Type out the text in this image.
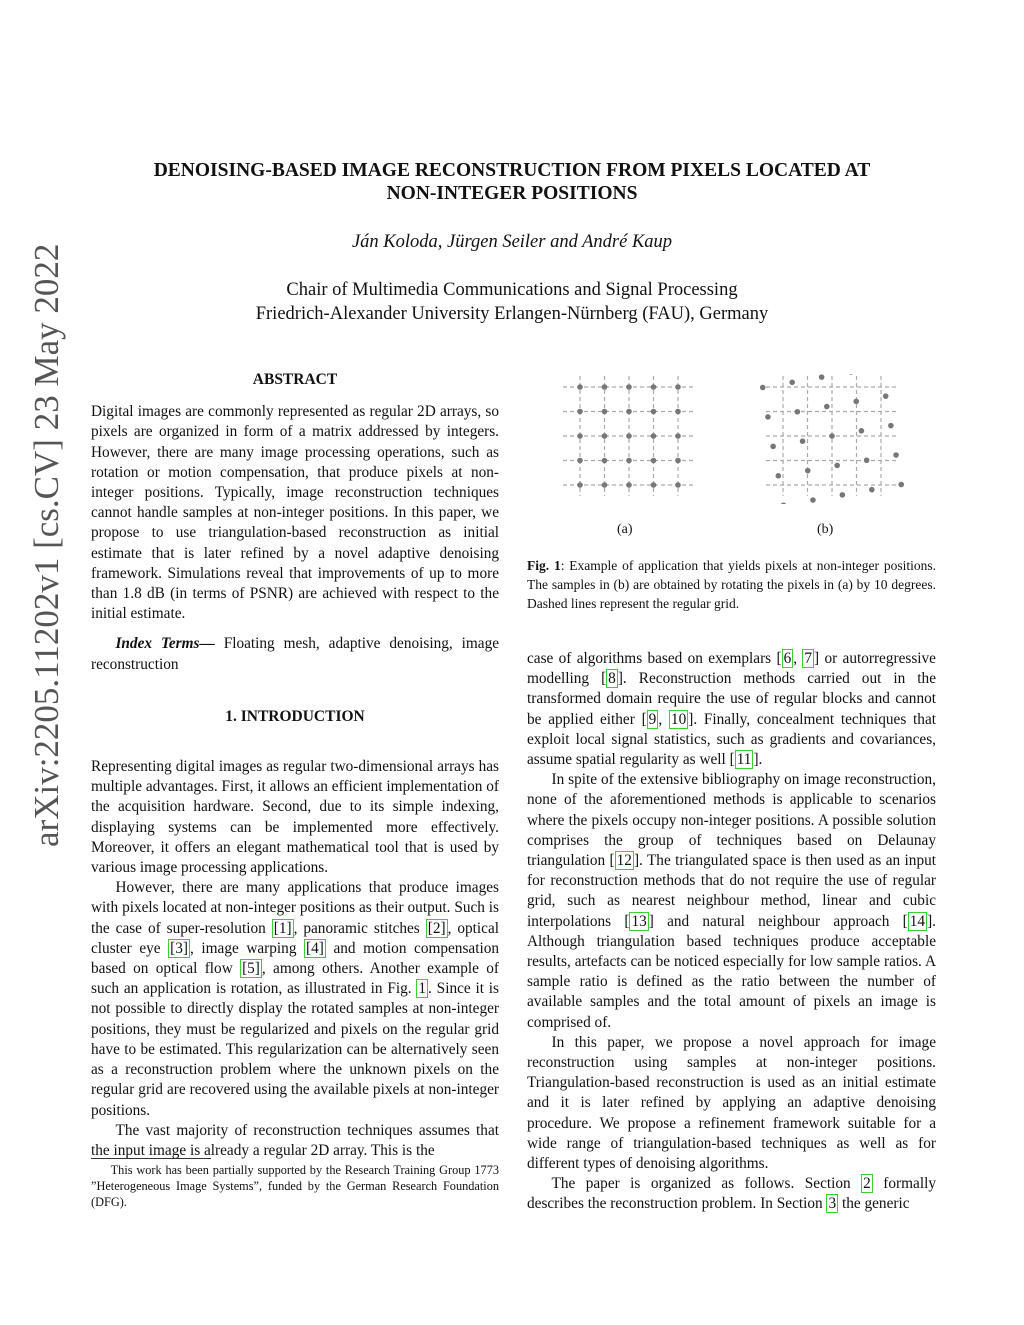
arXiv:2205.11202v1 [cs.CV] 23 May 2022
DENOISING-BASED IMAGE RECONSTRUCTION FROM PIXELS LOCATED AT
NON-INTEGER POSITIONS
Ján Koloda, Jürgen Seiler and André Kaup
Chair of Multimedia Communications and Signal Processing
Friedrich-Alexander University Erlangen-Nürnberg (FAU), Germany
ABSTRACT

Digital images are commonly represented as regular 2D arrays, so pixels are organized in form of a matrix addressed by integers. However, there are many image processing operations, such as rotation or motion compensation, that produce pixels at non-integer positions. Typically, image reconstruction techniques cannot handle samples at non-integer positions. In this paper, we propose to use triangulation-based reconstruction as initial estimate that is later refined by a novel adaptive denoising framework. Simulations reveal that improvements of up to more than 1.8 dB (in terms of PSNR) are achieved with respect to the initial estimate.

Index Terms— Floating mesh, adaptive denoising, image reconstruction

1. INTRODUCTION

Representing digital images as regular two-dimensional arrays has multiple advantages. First, it allows an efficient implementation of the acquisition hardware. Second, due to its simple indexing, displaying systems can be implemented more effectively. Moreover, it offers an elegant mathematical tool that is used by various image processing applications.

However, there are many applications that produce images with pixels located at non-integer positions as their output. Such is the case of super-resolution [1] , panoramic stitches [2] , optical cluster eye [3] , image warping [4] and motion compensation based on optical flow [5] , among others. Another example of such an application is rotation, as illustrated in Fig. 1 . Since it is not possible to directly display the rotated samples at non-integer positions, they must be regularized and pixels on the regular grid have to be estimated. This regularization can be alternatively seen as a reconstruction problem where the unknown pixels on the regular grid are recovered using the available pixels at non-integer positions.

The vast majority of reconstruction techniques assumes that the input image is already a regular 2D array. This is the

This work has been partially supported by the Research Training Group 1773 ”Heterogeneous Image Systems”, funded by the German Research Foundation (DFG).
(a)	(b)
Fig. 1: Example of application that yields pixels at non-integer positions. The samples in (b) are obtained by rotating the pixels in (a) by 10 degrees. Dashed lines represent the regular grid.

case of algorithms based on exemplars [ 6 , 7 ] or autorregressive modelling [ 8 ]. Reconstruction methods carried out in the transformed domain require the use of regular blocks and cannot be applied either [ 9 , 10 ]. Finally, concealment techniques that exploit local signal statistics, such as gradients and covariances, assume spatial regularity as well [ 11 ].

In spite of the extensive bibliography on image reconstruction, none of the aforementioned methods is applicable to scenarios where the pixels occupy non-integer positions. A possible solution comprises the group of techniques based on Delaunay triangulation [ 12 ]. The triangulated space is then used as an input for reconstruction methods that do not require the use of regular grid, such as nearest neighbour method, linear and cubic interpolations [ 13 ] and natural neighbour approach [ 14 ]. Although triangulation based techniques produce acceptable results, artefacts can be noticed especially for low sample ratios. A sample ratio is defined as the ratio between the number of available samples and the total amount of pixels an image is comprised of.

In this paper, we propose a novel approach for image reconstruction using samples at non-integer positions. Triangulation-based reconstruction is used as an initial estimate and it is later refined by applying an adaptive denoising procedure. We propose a refinement framework suitable for a wide range of triangulation-based techniques as well as for different types of denoising algorithms.

The paper is organized as follows. Section 2 formally describes the reconstruction problem. In Section 3 the generic
